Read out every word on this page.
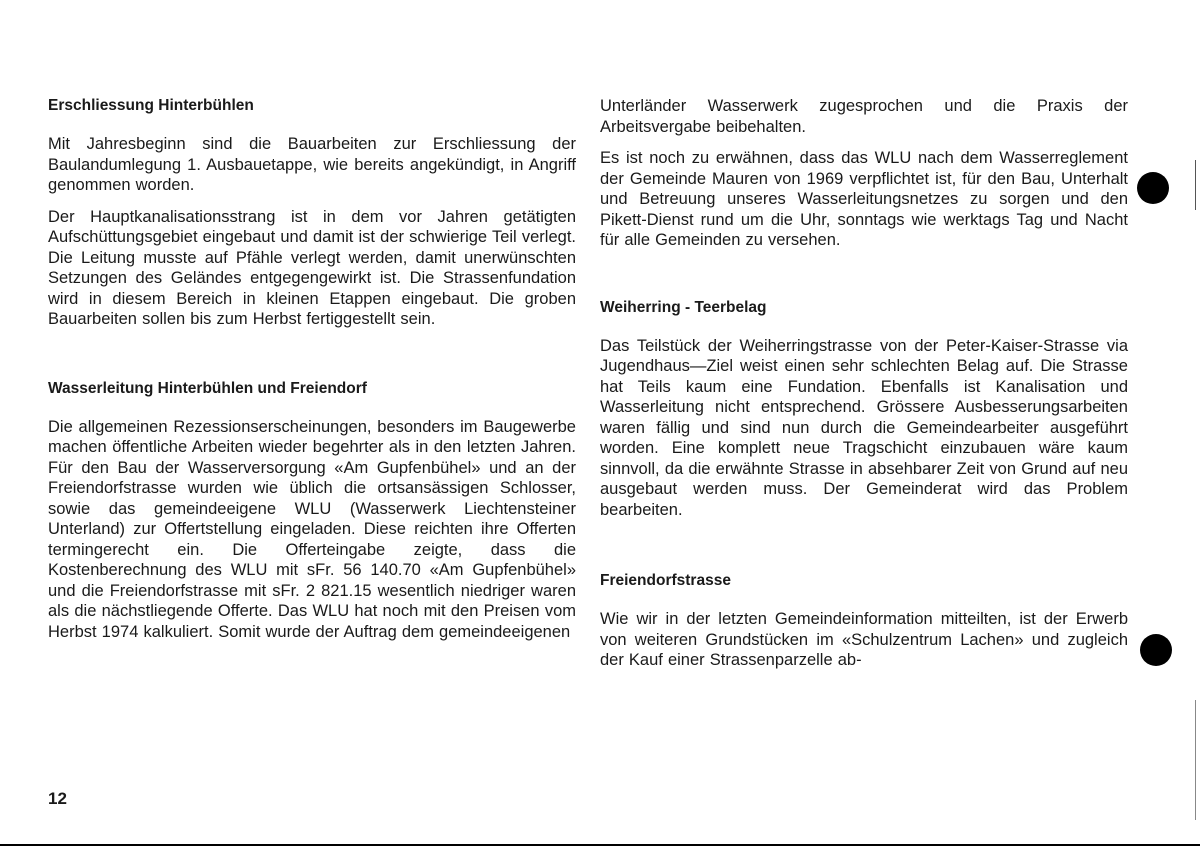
Erschliessung Hinterbühlen

Mit Jahresbeginn sind die Bauarbeiten zur Erschliessung der Baulandumlegung 1. Ausbauetappe, wie bereits angekündigt, in Angriff genommen worden.

Der Hauptkanalisationsstrang ist in dem vor Jahren getätigten Aufschüttungsgebiet eingebaut und damit ist der schwierige Teil verlegt. Die Leitung musste auf Pfähle verlegt werden, damit unerwünschten Setzungen des Geländes entgegengewirkt ist. Die Strassenfundation wird in diesem Bereich in kleinen Etappen eingebaut. Die groben Bauarbeiten sollen bis zum Herbst fertiggestellt sein.

Wasserleitung Hinterbühlen und Freiendorf

Die allgemeinen Rezessionserscheinungen, besonders im Baugewerbe machen öffentliche Arbeiten wieder begehrter als in den letzten Jahren. Für den Bau der Wasserversorgung «Am Gupfenbühel» und an der Freiendorfstrasse wurden wie üblich die ortsansässigen Schlosser, sowie das gemeindeeigene WLU (Wasserwerk Liechtensteiner Unterland) zur Offertstellung eingeladen. Diese reichten ihre Offerten termingerecht ein. Die Offerteingabe zeigte, dass die Kostenberechnung des WLU mit sFr. 56 140.70 «Am Gupfenbühel» und die Freiendorfstrasse mit sFr. 2 821.15 wesentlich niedriger waren als die nächstliegende Offerte. Das WLU hat noch mit den Preisen vom Herbst 1974 kalkuliert. Somit wurde der Auftrag dem gemeindeeigenen

Unterländer Wasserwerk zugesprochen und die Praxis der Arbeitsvergabe beibehalten.

Es ist noch zu erwähnen, dass das WLU nach dem Wasserreglement der Gemeinde Mauren von 1969 verpflichtet ist, für den Bau, Unterhalt und Betreuung unseres Wasserleitungsnetzes zu sorgen und den Pikett-Dienst rund um die Uhr, sonntags wie werktags Tag und Nacht für alle Gemeinden zu versehen.

Weiherring - Teerbelag

Das Teilstück der Weiherringstrasse von der Peter-Kaiser-Strasse via Jugendhaus—Ziel weist einen sehr schlechten Belag auf. Die Strasse hat Teils kaum eine Fundation. Ebenfalls ist Kanalisation und Wasserleitung nicht entsprechend. Grössere Ausbesserungsarbeiten waren fällig und sind nun durch die Gemeindearbeiter ausgeführt worden. Eine komplett neue Tragschicht einzubauen wäre kaum sinnvoll, da die erwähnte Strasse in absehbarer Zeit von Grund auf neu ausgebaut werden muss. Der Gemeinderat wird das Problem bearbeiten.

Freiendorfstrasse

Wie wir in der letzten Gemeindeinformation mitteilten, ist der Erwerb von weiteren Grundstücken im «Schulzentrum Lachen» und zugleich der Kauf einer Strassenparzelle ab-

12
